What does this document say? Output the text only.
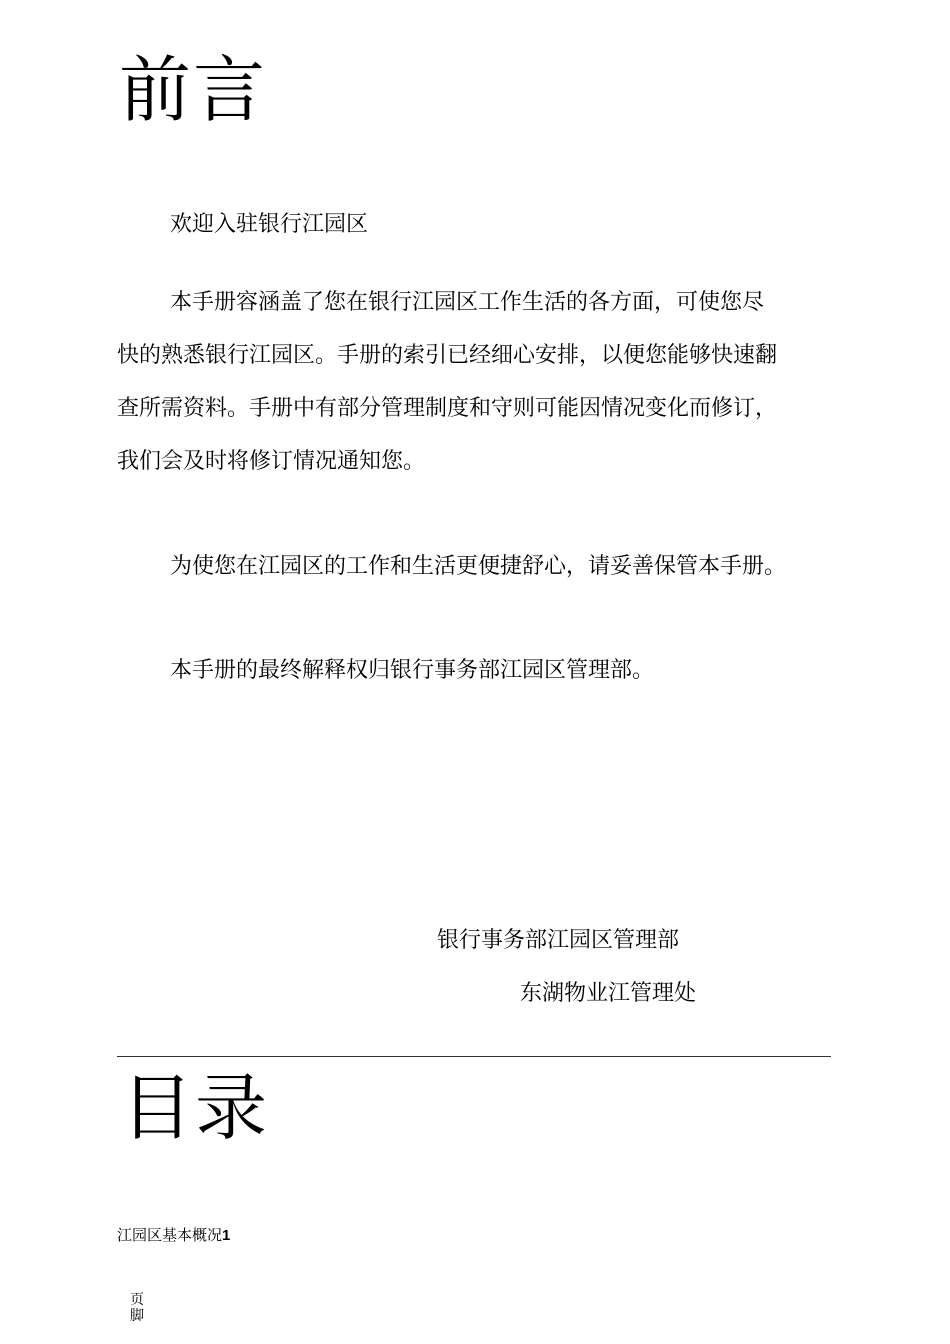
前言
欢迎入驻银行江园区
本手册容涵盖了您在银行江园区工作生活的各方面，可使您尽
快的熟悉银行江园区。手册的索引已经细心安排，以便您能够快速翻
查所需资料。手册中有部分管理制度和守则可能因情况变化而修订，
我们会及时将修订情况通知您。
为使您在江园区的工作和生活更便捷舒心，请妥善保管本手册。
本手册的最终解释权归银行事务部江园区管理部。
银行事务部江园区管理部
东湖物业江管理处
目录
江园区基本概况1
页脚
